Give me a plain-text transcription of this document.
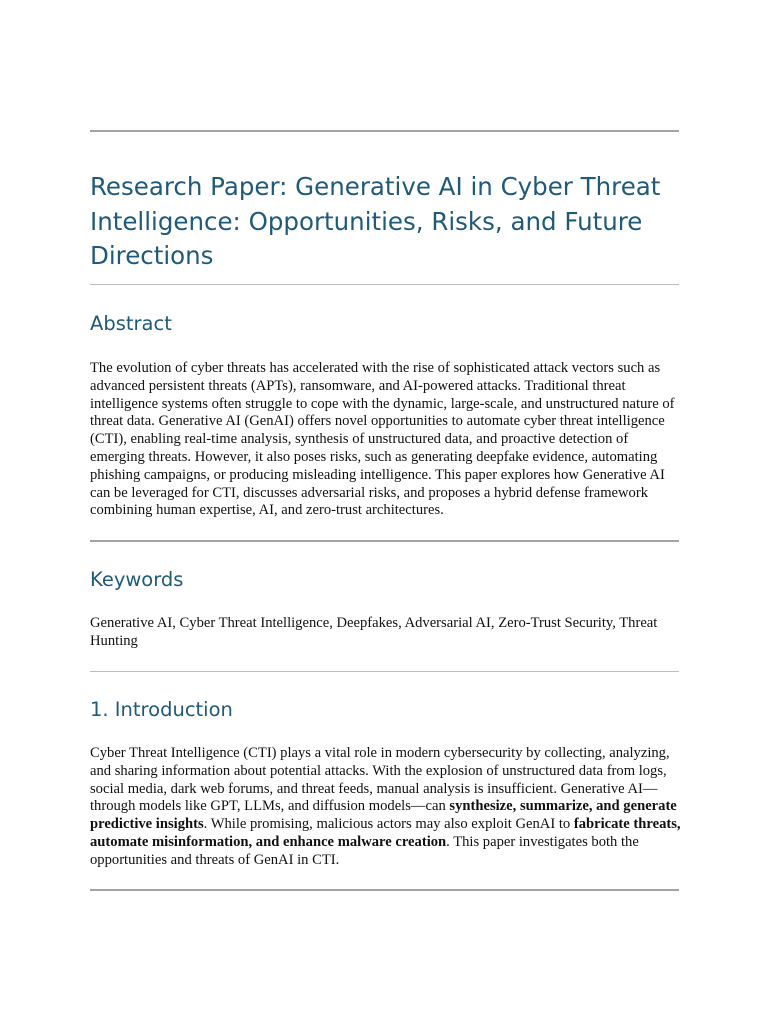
Research Paper: Generative AI in Cyber Threat Intelligence: Opportunities, Risks, and Future Directions
Abstract

The evolution of cyber threats has accelerated with the rise of sophisticated attack vectors such as advanced persistent threats (APTs), ransomware, and AI-powered attacks. Traditional threat intelligence systems often struggle to cope with the dynamic, large-scale, and unstructured nature of threat data. Generative AI (GenAI) offers novel opportunities to automate cyber threat intelligence (CTI), enabling real-time analysis, synthesis of unstructured data, and proactive detection of emerging threats. However, it also poses risks, such as generating deepfake evidence, automating phishing campaigns, or producing misleading intelligence. This paper explores how Generative AI can be leveraged for CTI, discusses adversarial risks, and proposes a hybrid defense framework combining human expertise, AI, and zero-trust architectures.

Keywords

Generative AI, Cyber Threat Intelligence, Deepfakes, Adversarial AI, Zero-Trust Security, Threat Hunting

1. Introduction

Cyber Threat Intelligence (CTI) plays a vital role in modern cybersecurity by collecting, analyzing, and sharing information about potential attacks. With the explosion of unstructured data from logs, social media, dark web forums, and threat feeds, manual analysis is insufficient. Generative AI—through models like GPT, LLMs, and diffusion models—can synthesize, summarize, and generate predictive insights. While promising, malicious actors may also exploit GenAI to fabricate threats, automate misinformation, and enhance malware creation. This paper investigates both the opportunities and threats of GenAI in CTI.
